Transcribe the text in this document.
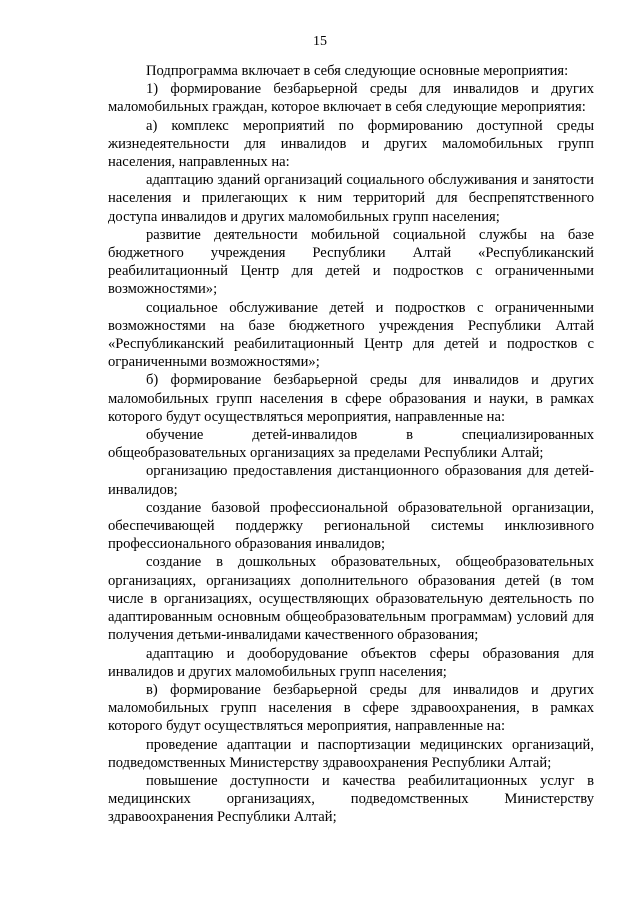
15

Подпрограмма включает в себя следующие основные мероприятия:

1) формирование безбарьерной среды для инвалидов и других маломобильных граждан, которое включает в себя следующие мероприятия:

а) комплекс мероприятий по формированию доступной среды жизнедеятельности для инвалидов и других маломобильных групп населения, направленных на:

адаптацию зданий организаций социального обслуживания и занятости населения и прилегающих к ним территорий для беспрепятственного доступа инвалидов и других маломобильных групп населения;

развитие деятельности мобильной социальной службы на базе бюджетного учреждения Республики Алтай «Республиканский реабилитационный Центр для детей и подростков с ограниченными возможностями»;

социальное обслуживание детей и подростков с ограниченными возможностями на базе бюджетного учреждения Республики Алтай «Республиканский реабилитационный Центр для детей и подростков с ограниченными возможностями»;

б) формирование безбарьерной среды для инвалидов и других маломобильных групп населения в сфере образования и науки, в рамках которого будут осуществляться мероприятия, направленные на:

обучение детей-инвалидов в специализированных общеобразовательных организациях за пределами Республики Алтай;

организацию предоставления дистанционного образования для детей-инвалидов;

создание базовой профессиональной образовательной организации, обеспечивающей поддержку региональной системы инклюзивного профессионального образования инвалидов;

создание в дошкольных образовательных, общеобразовательных организациях, организациях дополнительного образования детей (в том числе в организациях, осуществляющих образовательную деятельность по адаптированным основным общеобразовательным программам) условий для получения детьми-инвалидами качественного образования;

адаптацию и дооборудование объектов сферы образования для инвалидов и других маломобильных групп населения;

в) формирование безбарьерной среды для инвалидов и других маломобильных групп населения в сфере здравоохранения, в рамках которого будут осуществляться мероприятия, направленные на:

проведение адаптации и паспортизации медицинских организаций, подведомственных Министерству здравоохранения Республики Алтай;

повышение доступности и качества реабилитационных услуг в медицинских организациях, подведомственных Министерству здравоохранения Республики Алтай;
